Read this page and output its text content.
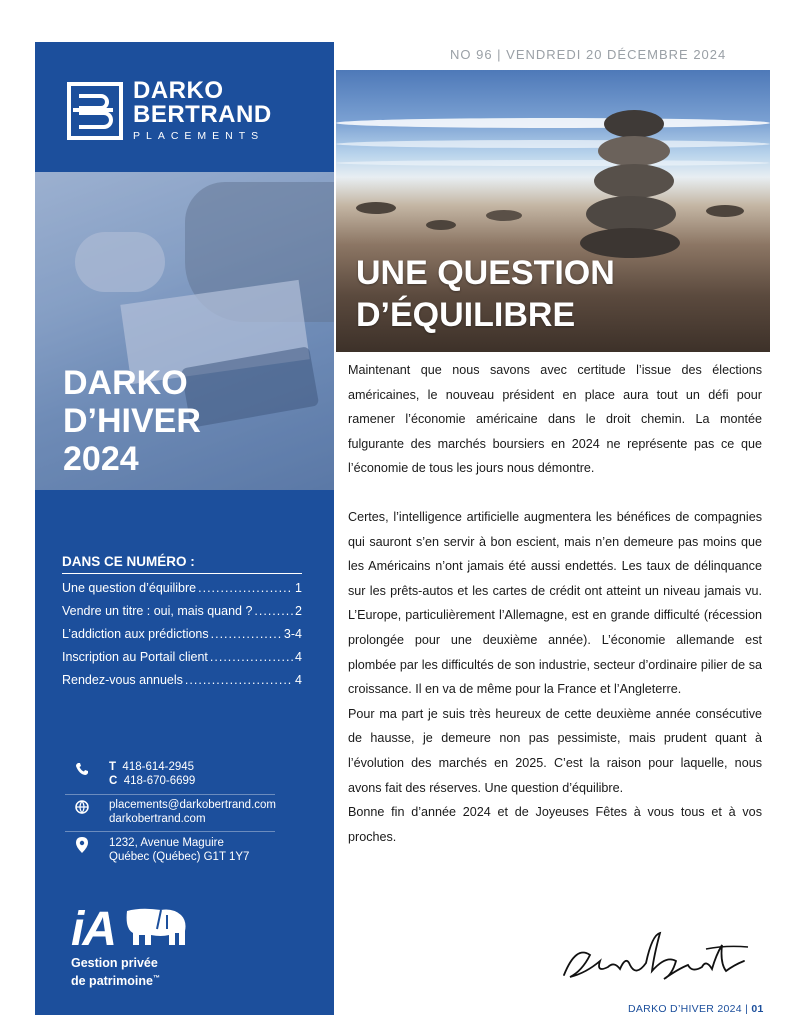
DARKO
BERTRAND
PLACEMENTS
DARKO
D’HIVER
2024
DANS CE NUMÉRO :
Une question d’équilibre .....	1
Vendre un titre : oui, mais quand ? .....	2
L’addiction aux prédictions .....	3-4
Inscription au Portail client .....	4
Rendez-vous annuels .....	4
T 418-614-2945
C 418-670-6699
placements@darkobertrand.com
darkobertrand.com
1232, Avenue Maguire
Québec (Québec) G1T 1Y7
iA
Gestion privée
de patrimoine™
NO 96 | VENDREDI 20 DÉCEMBRE 2024
UNE QUESTION
D’ÉQUILIBRE

Maintenant que nous savons avec certitude l’issue des élections américaines, le nouveau président en place aura tout un défi pour ramener l’économie américaine dans le droit chemin. La montée fulgurante des marchés boursiers en 2024 ne représente pas ce que l’économie de tous les jours nous démontre.

Certes, l’intelligence artificielle augmentera les bénéfices de compagnies qui sauront s’en servir à bon escient, mais n’en demeure pas moins que les Américains n’ont jamais été aussi endettés. Les taux de délinquance sur les prêts-autos et les cartes de crédit ont atteint un niveau jamais vu. L’Europe, particulièrement l’Allemagne, est en grande difficulté (récession prolongée pour une deuxième année). L’économie allemande est plombée par les difficultés de son industrie, secteur d’ordinaire pilier de sa croissance. Il en va de même pour la France et l’Angleterre.

Pour ma part je suis très heureux de cette deuxième année consécutive de hausse, je demeure non pas pessimiste, mais prudent quant à l’évolution des marchés en 2025. C’est la raison pour laquelle, nous avons fait des réserves. Une question d’équilibre.

Bonne fin d’année 2024 et de Joyeuses Fêtes à vous tous et à vos proches.

DARKO D’HIVER 2024 | 01
